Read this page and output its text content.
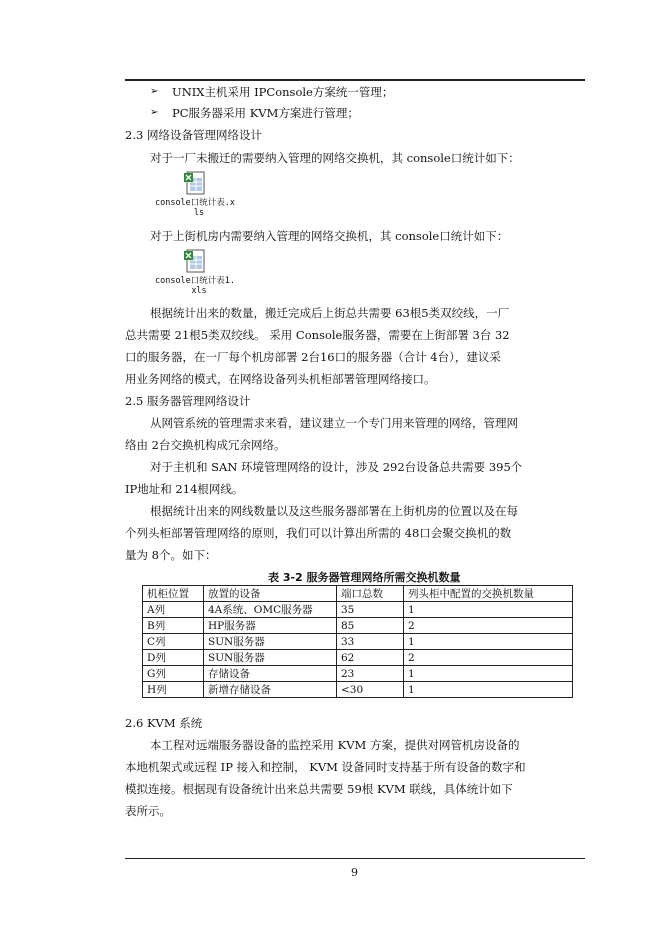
➢ UNIX主机采用 IPConsole方案统一管理；
➢ PC服务器采用 KVM方案进行管理；
2.3 网络设备管理网络设计
对于一厂未搬迁的需要纳入管理的网络交换机，其 console口统计如下：
console口统计表.x
ls
对于上街机房内需要纳入管理的网络交换机，其 console口统计如下：
console口统计表1.
xls
根据统计出来的数量，搬迁完成后上街总共需要 63根5类双绞线，一厂
总共需要 21根5类双绞线。 采用 Console服务器，需要在上街部署 3台 32
口的服务器，在一厂每个机房部署 2台16口的服务器（合计 4台），建议采
用业务网络的模式，在网络设备列头机柜部署管理网络接口。
2.5 服务器管理网络设计
从网管系统的管理需求来看，建议建立一个专门用来管理的网络，管理网
络由 2台交换机构成冗余网络。
对于主机和 SAN 环境管理网络的设计，涉及 292台设备总共需要 395个
IP地址和 214根网线。
根据统计出来的网线数量以及这些服务器部署在上街机房的位置以及在每
个列头柜部署管理网络的原则，我们可以计算出所需的 48口会聚交换机的数
量为 8个。如下：
表 3-2 服务器管理网络所需交换机数量
机柜位置	放置的设备	端口总数	列头柜中配置的交换机数量
A列	4A系统、OMC服务器	35	1
B列	HP服务器	85	2
C列	SUN服务器	33	1
D列	SUN服务器	62	2
G列	存储设备	23	1
H列	新增存储设备	<30	1
2.6 KVM 系统
本工程对远端服务器设备的监控采用 KVM 方案，提供对网管机房设备的
本地机架式或远程 IP 接入和控制， KVM 设备同时支持基于所有设备的数字和
模拟连接。根据现有设备统计出来总共需要 59根 KVM 联线，具体统计如下
表所示。
9
